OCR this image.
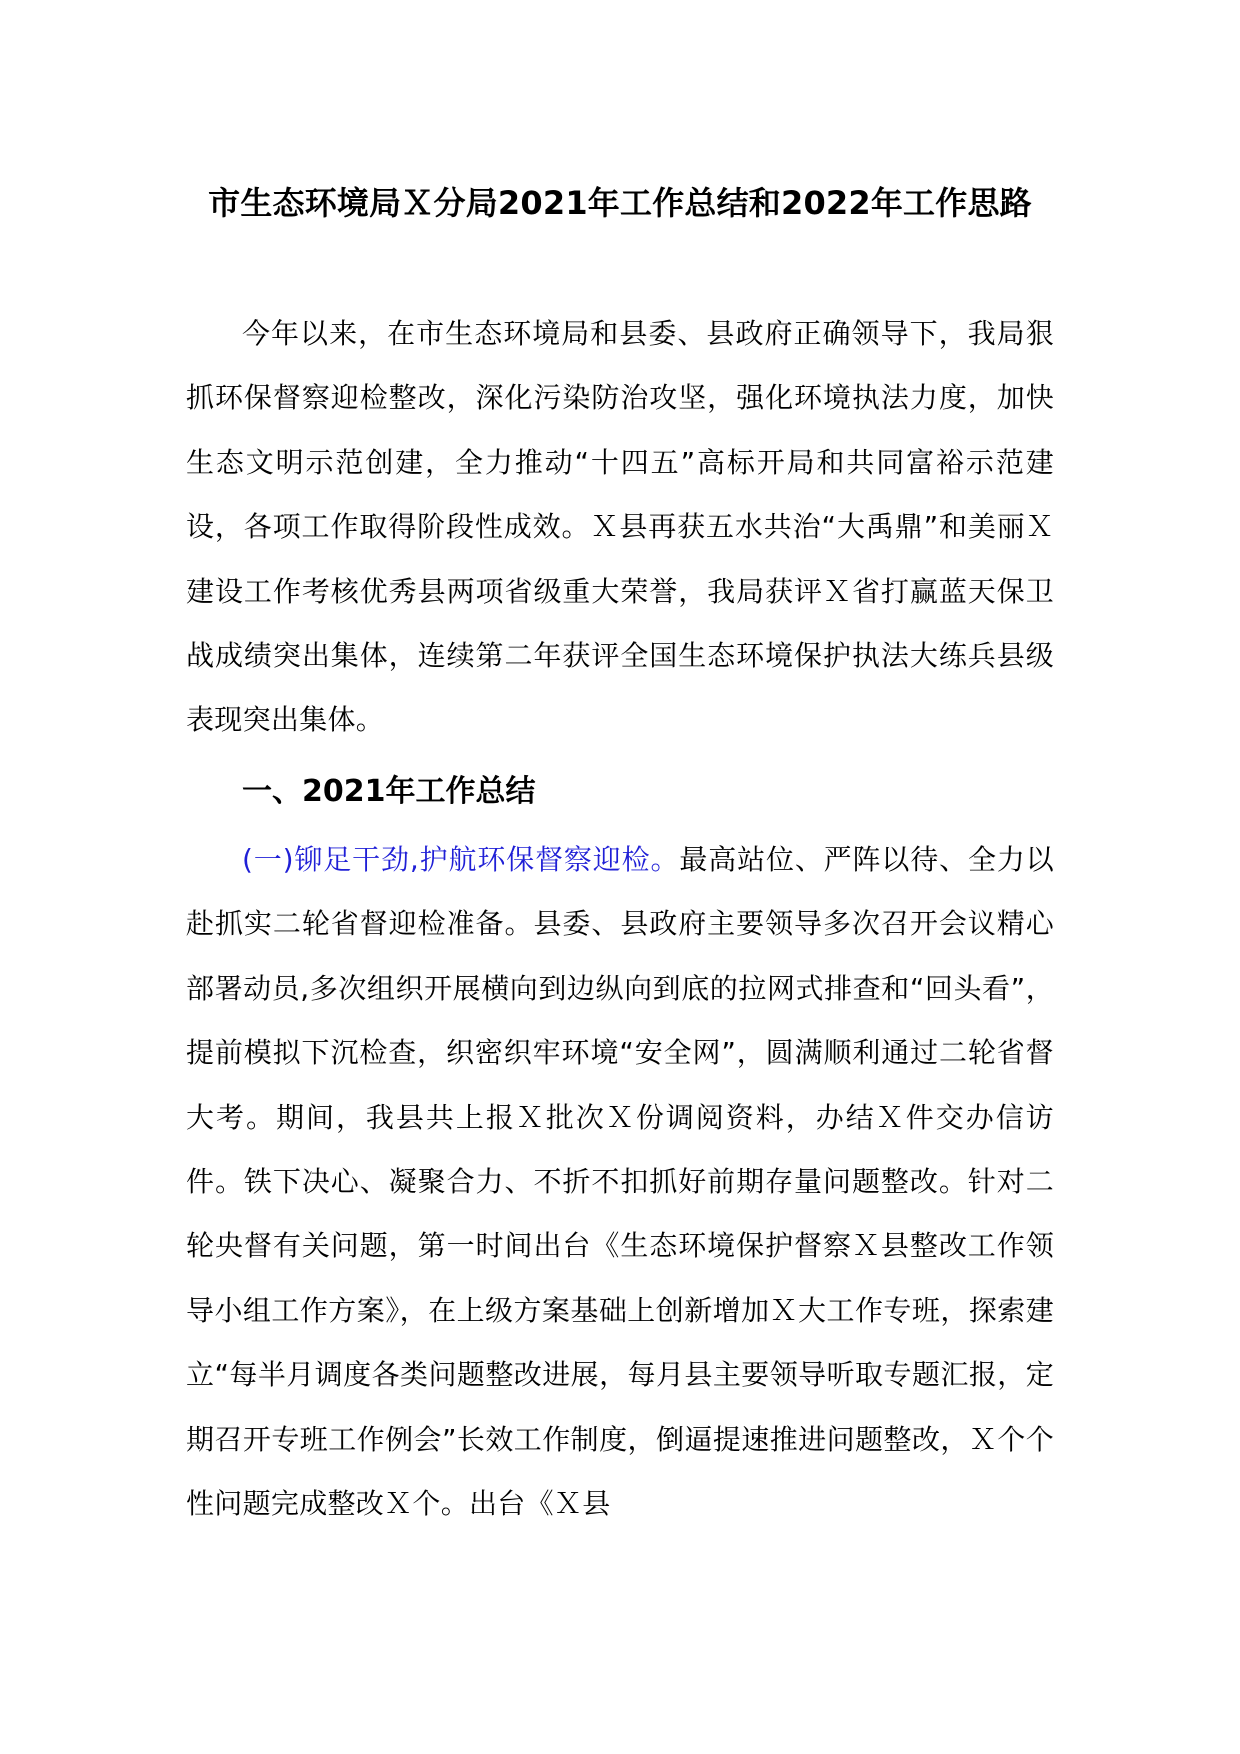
市生态环境局Ｘ分局2021年工作总结和2022年工作思路

今年以来，在市生态环境局和县委、县政府正确领导下，我局狠抓环保督察迎检整改，深化污染防治攻坚，强化环境执法力度，加快生态文明示范创建，全力推动“十四五”高标开局和共同富裕示范建设，各项工作取得阶段性成效。Ｘ县再获五水共治“大禹鼎”和美丽Ｘ建设工作考核优秀县两项省级重大荣誉，我局获评Ｘ省打赢蓝天保卫战成绩突出集体，连续第二年获评全国生态环境保护执法大练兵县级表现突出集体。

一、2021年工作总结

(一)铆足干劲,护航环保督察迎检。最高站位、严阵以待、全力以赴抓实二轮省督迎检准备。县委、县政府主要领导多次召开会议精心部署动员,多次组织开展横向到边纵向到底的拉网式排查和“回头看”，提前模拟下沉检查，织密织牢环境“安全网”，圆满顺利通过二轮省督大考。期间，我县共上报Ｘ批次Ｘ份调阅资料，办结Ｘ件交办信访件。铁下决心、凝聚合力、不折不扣抓好前期存量问题整改。针对二轮央督有关问题，第一时间出台《生态环境保护督察Ｘ县整改工作领导小组工作方案》，在上级方案基础上创新增加Ｘ大工作专班，探索建立“每半月调度各类问题整改进展，每月县主要领导听取专题汇报，定期召开专班工作例会”长效工作制度，倒逼提速推进问题整改，Ｘ个个性问题完成整改Ｘ个。出台《Ｘ县
